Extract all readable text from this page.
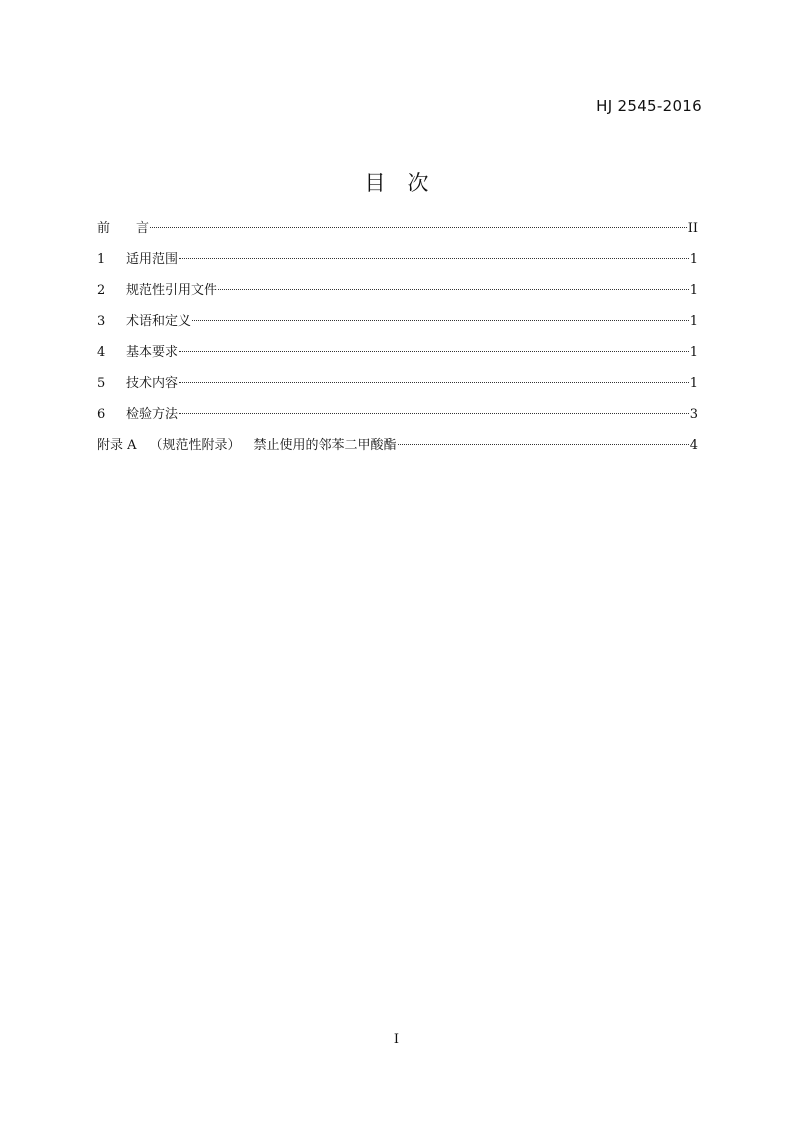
HJ 2545-2016
目 次
前 言	II
1	适用范围	1
2	规范性引用文件	1
3	术语和定义	1
4	基本要求	1
5	技术内容	1
6	检验方法	3
附录 A （规范性附录） 禁止使用的邻苯二甲酸酯	4
I
